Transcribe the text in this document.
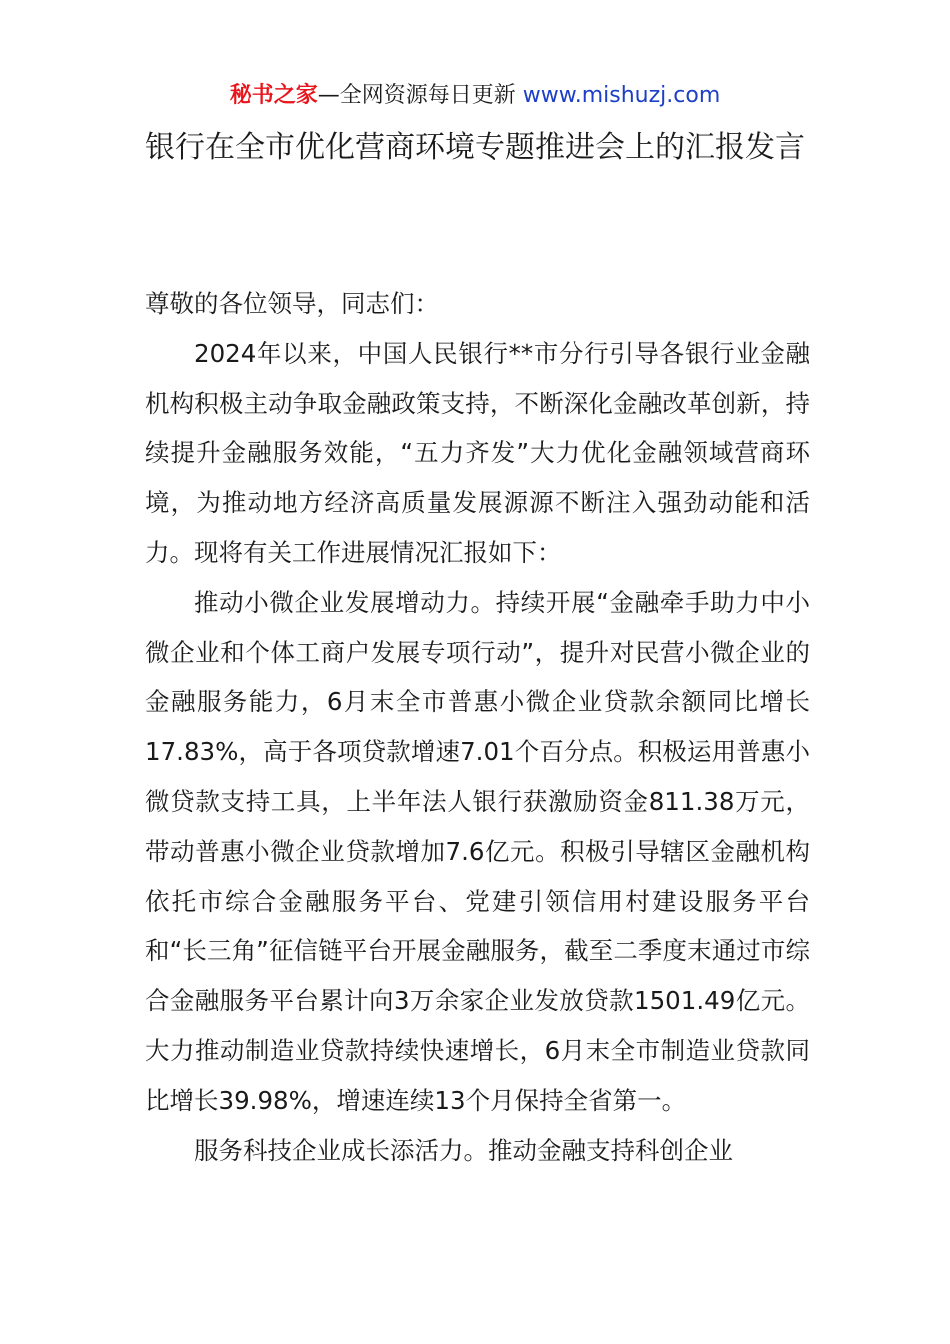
秘书之家—全网资源每日更新 www.mishuzj.com
银行在全市优化营商环境专题推进会上的汇报发言

尊敬的各位领导，同志们：

2024年以来，中国人民银行**市分行引导各银行业金融机构积极主动争取金融政策支持，不断深化金融改革创新，持续提升金融服务效能，“五力齐发”大力优化金融领域营商环境，为推动地方经济高质量发展源源不断注入强劲动能和活力。现将有关工作进展情况汇报如下：

推动小微企业发展增动力。持续开展“金融牵手助力中小微企业和个体工商户发展专项行动”，提升对民营小微企业的金融服务能力，6月末全市普惠小微企业贷款余额同比增长17.83%，高于各项贷款增速7.01个百分点。积极运用普惠小微贷款支持工具，上半年法人银行获激励资金811.38万元，带动普惠小微企业贷款增加7.6亿元。积极引导辖区金融机构依托市综合金融服务平台、党建引领信用村建设服务平台和“长三角”征信链平台开展金融服务，截至二季度末通过市综合金融服务平台累计向3万余家企业发放贷款1501.49亿元。大力推动制造业贷款持续快速增长，6月末全市制造业贷款同比增长39.98%，增速连续13个月保持全省第一。

服务科技企业成长添活力。推动金融支持科创企业
